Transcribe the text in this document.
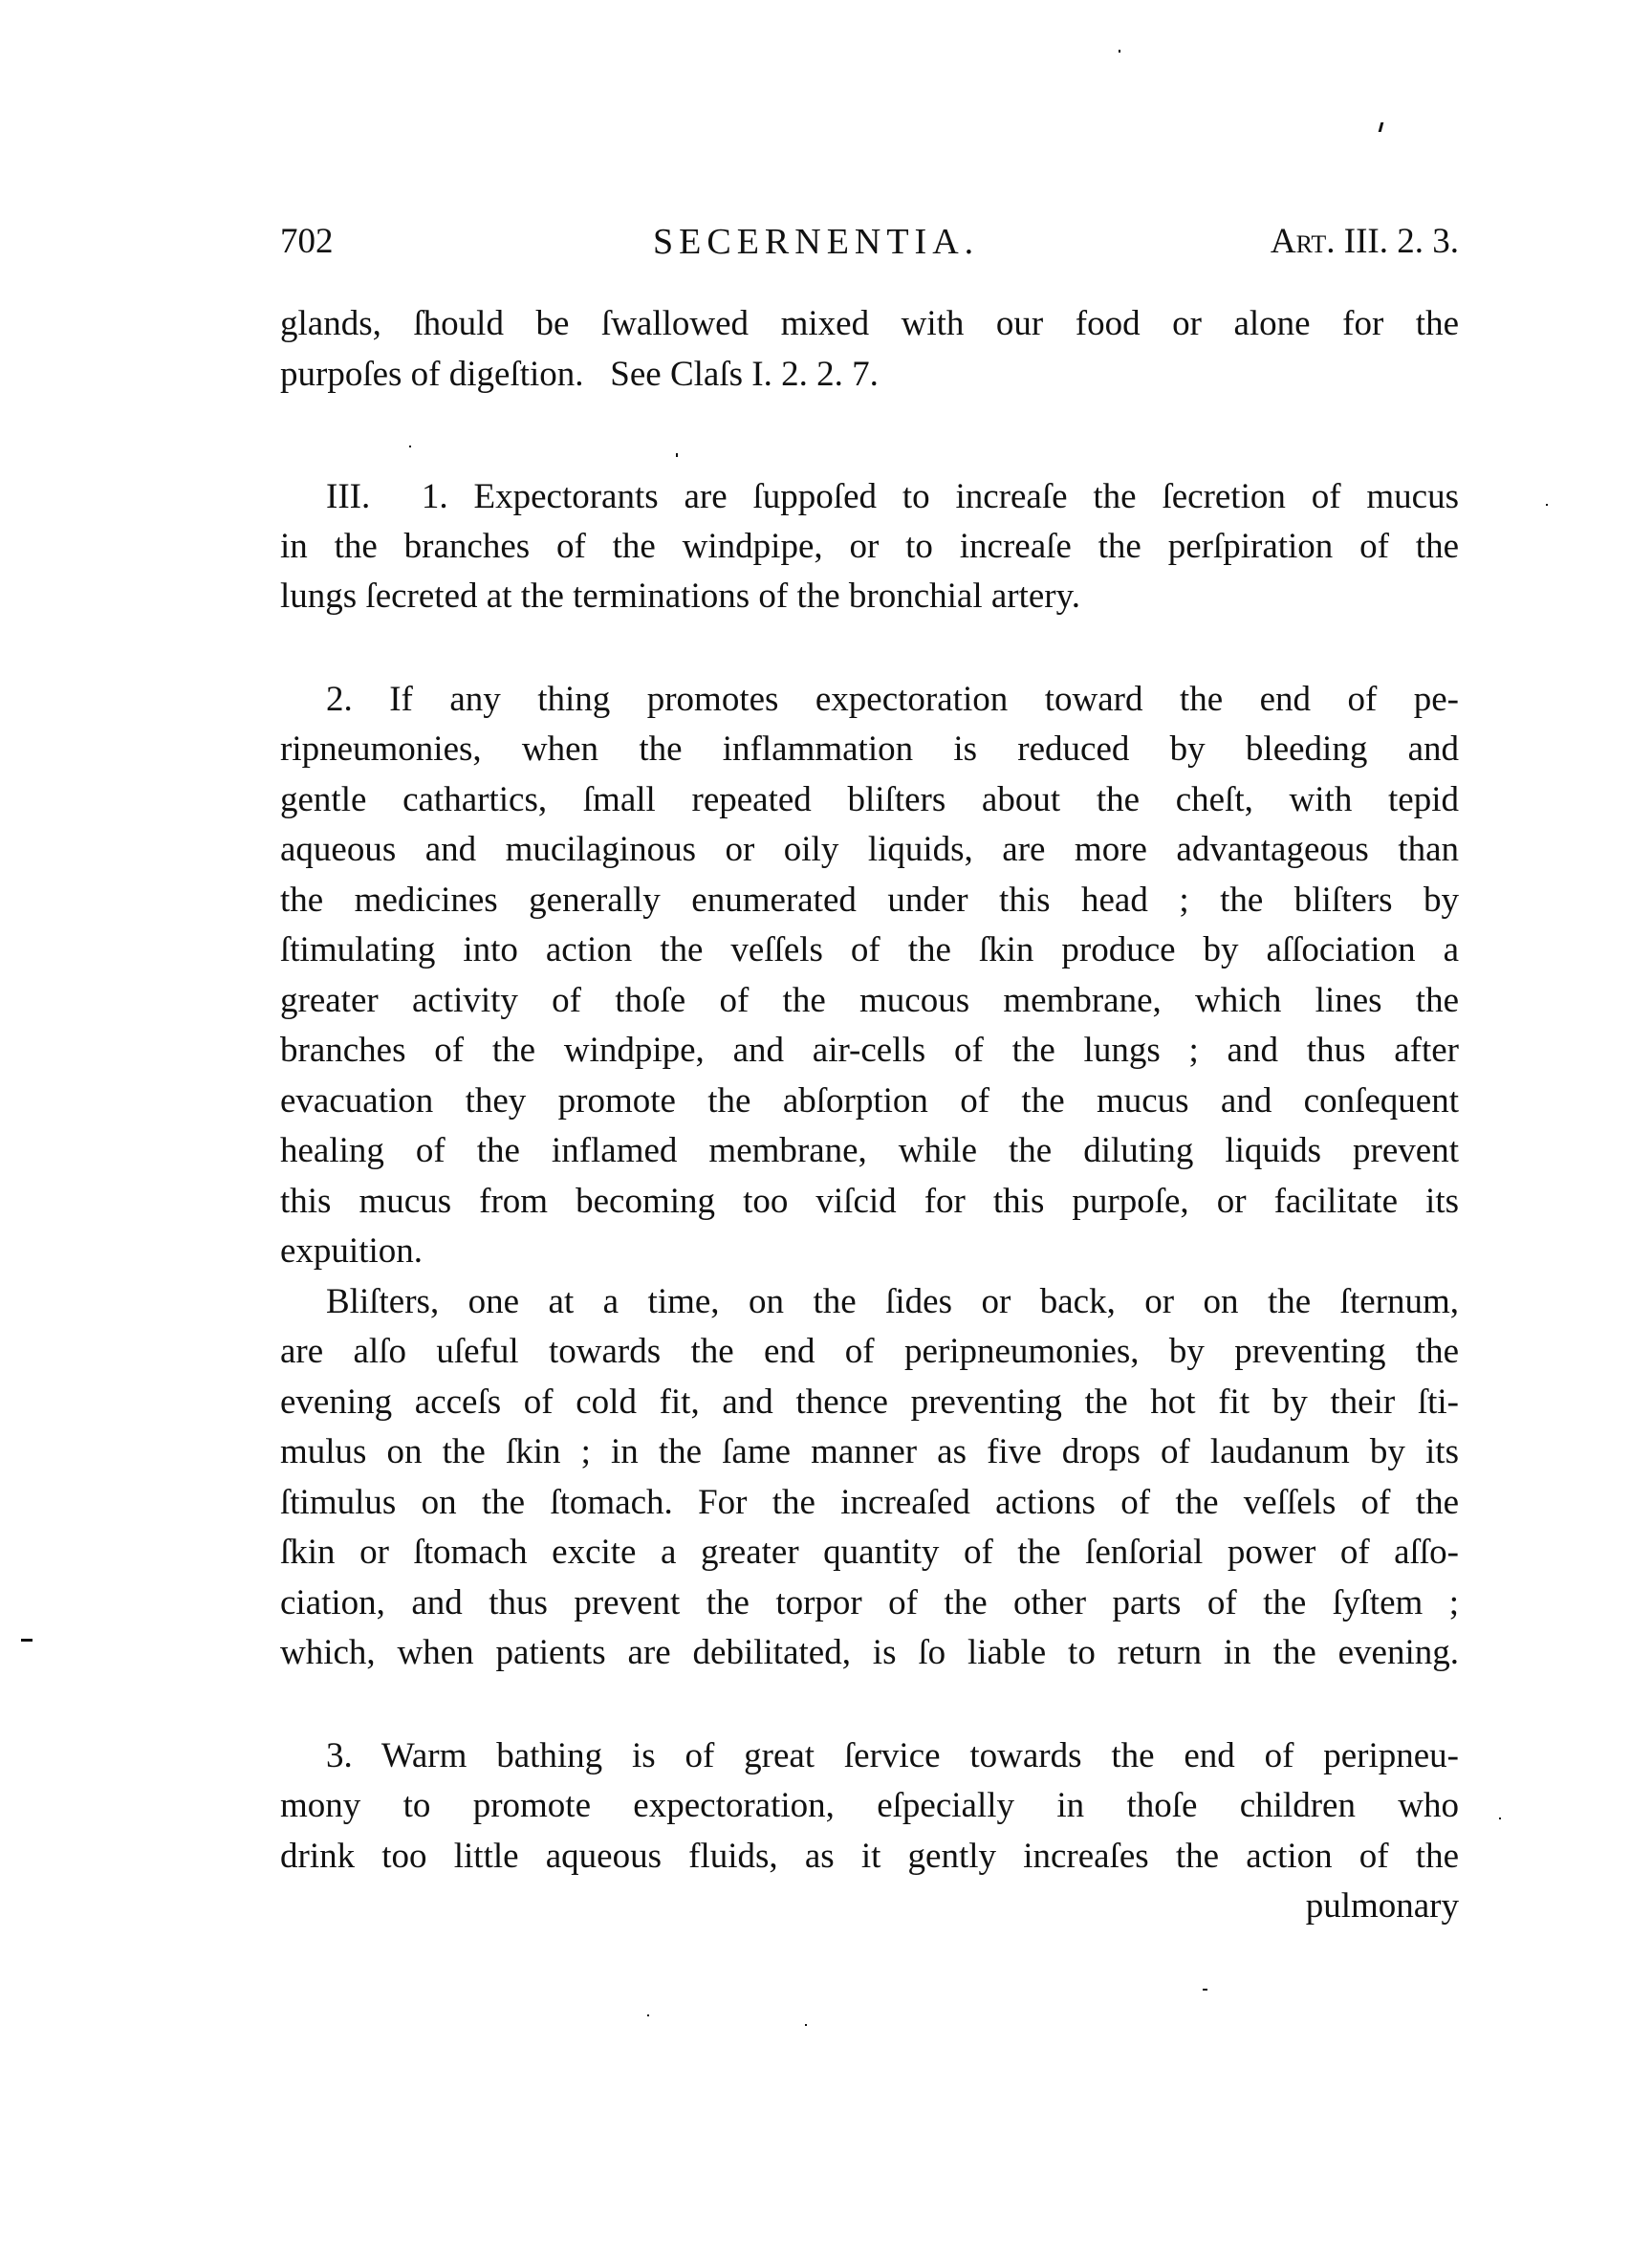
702	SECERNENTIA.	Art. III. 2. 3.
glands, ſhould be ſwallowed mixed with our food or alone for the
purpoſes of digeſtion.   See Claſs I. 2. 2. 7.
III.  1. Expectorants are ſuppoſed to increaſe the ſecretion of mucus
in the branches of the windpipe, or to increaſe the perſpiration of the
lungs ſecreted at the terminations of the bronchial artery.
2. If any thing promotes expectoration toward the end of pe-
ripneumonies, when the inflammation is reduced by bleeding and
gentle cathartics, ſmall repeated bliſters about the cheſt, with tepid
aqueous and mucilaginous or oily liquids, are more advantageous than
the medicines generally enumerated under this head ; the bliſters by
ſtimulating into action the veſſels of the ſkin produce by aſſociation a
greater activity of thoſe of the mucous membrane, which lines the
branches of the windpipe, and air-cells of the lungs ; and thus after
evacuation they promote the abſorption of the mucus and conſequent
healing of the inflamed membrane, while the diluting liquids prevent
this mucus from becoming too viſcid for this purpoſe, or facilitate its
expuition.
Bliſters, one at a time, on the ſides or back, or on the ſternum,
are alſo uſeful towards the end of peripneumonies, by preventing the
evening acceſs of cold fit, and thence preventing the hot fit by their ſti-
mulus on the ſkin ; in the ſame manner as five drops of laudanum by its
ſtimulus on the ſtomach. For the increaſed actions of the veſſels of the
ſkin or ſtomach excite a greater quantity of the ſenſorial power of aſſo-
ciation, and thus prevent the torpor of the other parts of the ſyſtem ;
which, when patients are debilitated, is ſo liable to return in the evening.
3. Warm bathing is of great ſervice towards the end of peripneu-
mony to promote expectoration, eſpecially in thoſe children who
drink too little aqueous fluids, as it gently increaſes the action of the
pulmonary
